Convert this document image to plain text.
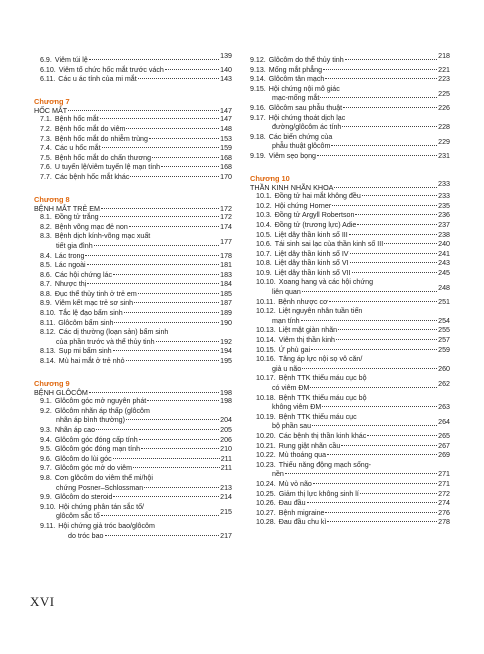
6.9. Viêm túi lệ	139
6.10. Viêm tổ chức hốc mắt trước vách	140
6.11. Các u ác tính của mi mắt	143
Chương 7
HỐC MẮT	147
7.1. Bệnh hốc mắt	147
7.2. Bệnh hốc mắt do viêm	148
7.3. Bệnh hốc mắt do nhiễm trùng	153
7.4. Các u hốc mắt	159
7.5. Bệnh hốc mắt do chấn thương	168
7.6. U tuyến lệ/viêm tuyến lệ mạn tính	168
7.7. Các bệnh hốc mắt khác	170
Chương 8
BỆNH MẮT TRẺ EM	172
8.1. Đồng tử trắng	172
8.2. Bệnh võng mạc đẻ non	174
8.3. Bệnh dịch kính-võng mạc xuất
tiết gia đình	177
8.4. Lác trong	178
8.5. Lác ngoài	181
8.6. Các hội chứng lác	183
8.7. Nhược thị	184
8.8. Đục thể thủy tinh ở trẻ em	185
8.9. Viêm kết mạc trẻ sơ sinh	187
8.10. Tắc lệ đạo bẩm sinh	189
8.11. Glôcôm bẩm sinh	190
8.12. Các dị thường (loạn sản) bẩm sinh
của phần trước và thể thủy tinh	192
8.13. Sụp mi bẩm sinh	194
8.14. Mù hai mắt ở trẻ nhỏ	195
Chương 9
BỆNH GLÔCÔM	198
9.1. Glôcôm góc mở nguyên phát	198
9.2. Glôcôm nhãn áp thấp (glôcôm
nhãn áp bình thường)	204
9.3. Nhãn áp cao	205
9.4. Glôcôm góc đóng cấp tính	206
9.5. Glôcôm góc đóng mạn tính	210
9.6. Glôcôm do lùi góc	211
9.7. Glôcôm góc mở do viêm	211
9.8. Cơn glôcôm do viêm thể mi/hội
chứng Posner–Schlossman	213
9.9. Glôcôm do steroid	214
9.10. Hội chứng phân tán sắc tố/
glôcôm sắc tố	215
9.11. Hội chứng giả tróc bao/glôcôm
do tróc bao	217
9.12. Glôcôm do thể thủy tinh	218
9.13. Mống mắt phẳng	221
9.14. Glôcôm tân mạch	223
9.15. Hội chứng nội mô giác
mạc-mống mắt	225
9.16. Glôcôm sau phẫu thuật	226
9.17. Hội chứng thoát dịch lạc
đường/glôcôm ác tính	228
9.18. Các biến chứng của
phẫu thuật glôcôm	229
9.19. Viêm sẹo bọng	231
Chương 10
THẦN KINH NHÃN KHOA	233
10.1. Đồng tử hai mắt không đều	233
10.2. Hội chứng Horner	235
10.3. Đồng tử Argyll Robertson	236
10.4. Đồng tử (trương lực) Adie	237
10.5. Liệt dây thần kinh số III	238
10.6. Tái sinh sai lạc của thần kinh số III	240
10.7. Liệt dây thần kinh số IV	241
10.8. Liệt dây thần kinh số VI	243
10.9. Liệt dây thần kinh số VII	245
10.10. Xoang hang và các hội chứng
liên quan	248
10.11. Bệnh nhược cơ	251
10.12. Liệt nguyên nhân tuần tiến
mạn tính	254
10.13. Liệt mặt giàn nhãn	255
10.14. Viêm thị thần kinh	257
10.15. Ứ phù gai	259
10.16. Tăng áp lực nội sọ vô căn/
giả u não	260
10.17. Bệnh TTK thiếu máu cục bộ
có viêm ĐM	262
10.18. Bệnh TTK thiếu máu cục bộ
không viêm ĐM	263
10.19. Bệnh TTK thiếu máu cục
bộ phần sau	264
10.20. Các bệnh thị thần kinh khác	265
10.21. Rung giật nhãn cầu	267
10.22. Mù thoáng qua	269
10.23. Thiếu năng động mạch sống-
nền	271
10.24. Mù vỏ não	271
10.25. Giảm thị lực không sinh lí	272
10.26. Đau đầu	274
10.27. Bệnh migraine	276
10.28. Đau đầu chu kì	278
XVI
